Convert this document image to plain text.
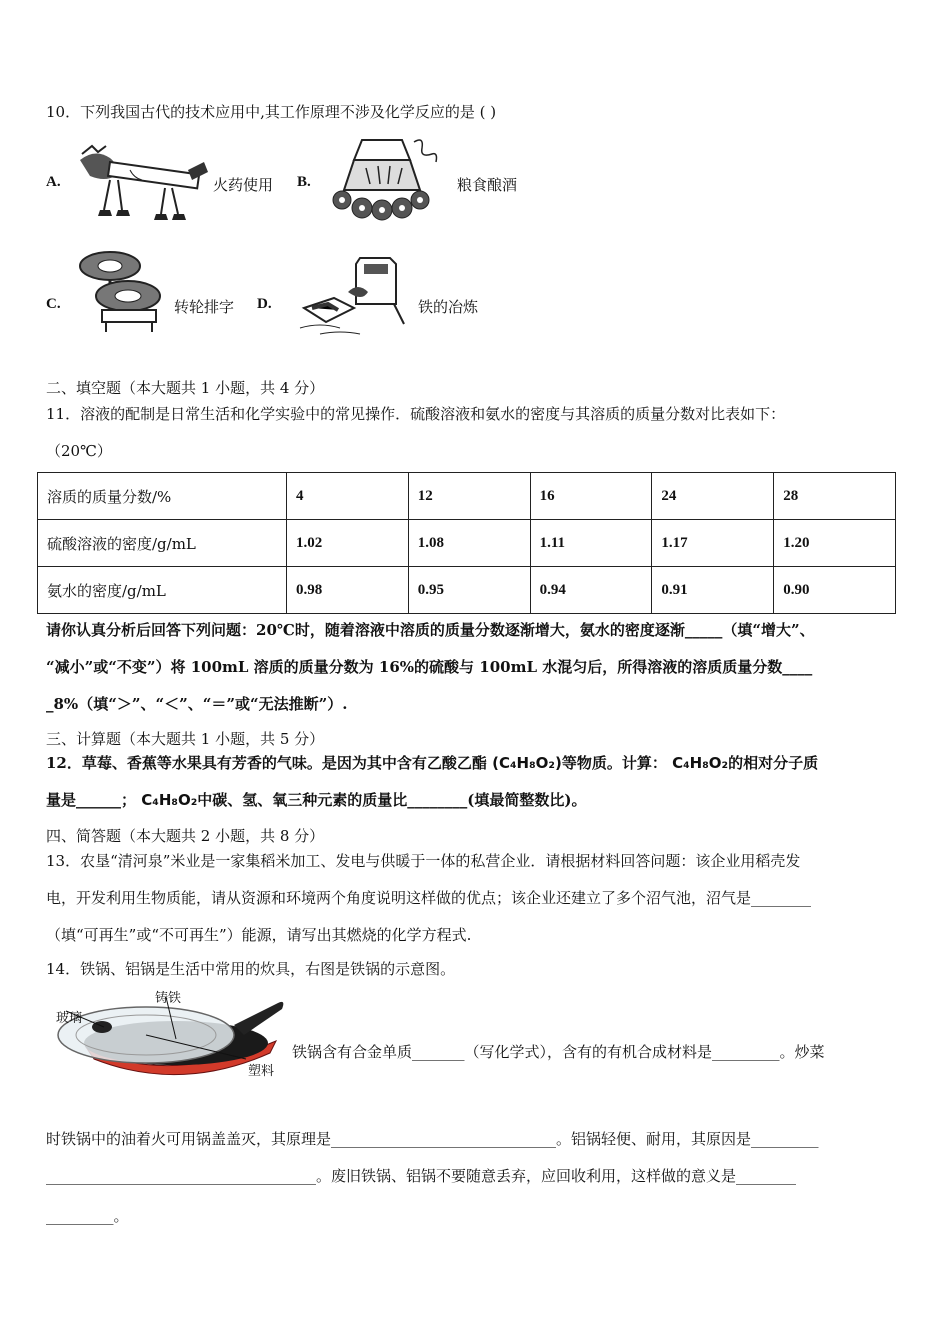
10．下列我国古代的技术应用中,其工作原理不涉及化学反应的是 ( )
A.	火药使用 B.	粮食酿酒
C.	转轮排字 D.	铁的冶炼
二、填空题（本大题共 1 小题，共 4 分）
11．溶液的配制是日常生活和化学实验中的常见操作．硫酸溶液和氨水的密度与其溶质的质量分数对比表如下：
（20℃）
溶质的质量分数/%	4	12	16	24	28
硫酸溶液的密度/g/mL	1.02	1.08	1.11	1.17	1.20
氨水的密度/g/mL	0.98	0.95	0.94	0.91	0.90
请你认真分析后回答下列问题：20℃时，随着溶液中溶质的质量分数逐渐增大，氨水的密度逐渐_____（填“增大”、
“减小”或“不变”）将 100mL 溶质的质量分数为 16%的硫酸与 100mL 水混匀后，所得溶液的溶质质量分数____
_8%（填“＞”、“＜”、“＝”或“无法推断”）.
三、计算题（本大题共 1 小题，共 5 分）
12．草莓、香蕉等水果具有芳香的气味。是因为其中含有乙酸乙酯 (C₄H₈O₂)等物质。计算： C₄H₈O₂的相对分子质
量是______； C₄H₈O₂中碳、氢、氧三种元素的质量比________(填最简整数比)。
四、简答题（本大题共 2 小题，共 8 分）
13．农垦“清河泉”米业是一家集稻米加工、发电与供暖于一体的私营企业．请根据材料回答问题：该企业用稻壳发
电，开发利用生物质能，请从资源和环境两个角度说明这样做的优点；该企业还建立了多个沼气池，沼气是________
（填“可再生”或“不可再生”）能源，请写出其燃烧的化学方程式.
14．铁锅、铝锅是生活中常用的炊具，右图是铁锅的示意图。
玻璃
铸铁
塑料
铁锅含有合金单质_______（写化学式），含有的有机合成材料是_________。炒菜
时铁锅中的油着火可用锅盖盖灭，其原理是______________________________。铝锅轻便、耐用，其原因是_________
____________________________________。废旧铁锅、铝锅不要随意丢弃，应回收利用，这样做的意义是________
_________。
